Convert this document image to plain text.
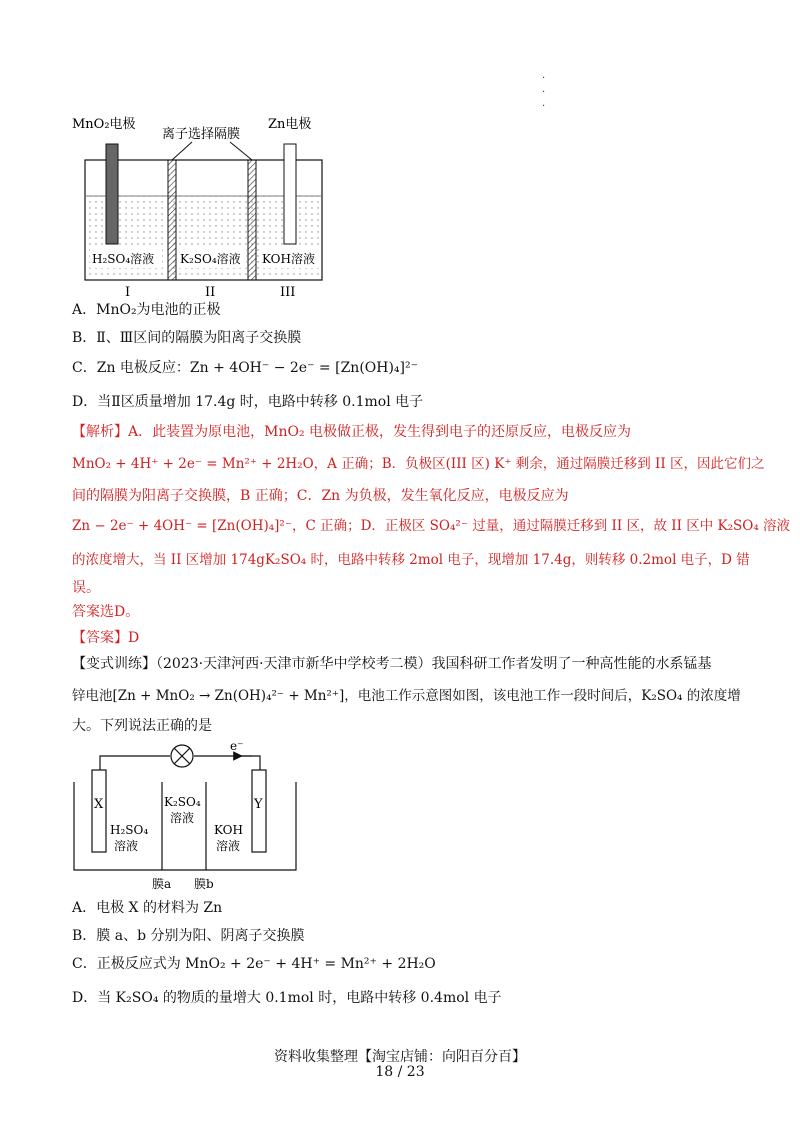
·
·
·
MnO₂电极
离子选择隔膜
Zn电极
H₂SO₄溶液 K₂SO₄溶液 KOH溶液
I	II	III
A．MnO₂为电池的正极
B．Ⅱ、Ⅲ区间的隔膜为阳离子交换膜
C．Zn 电极反应：Zn + 4OH⁻ − 2e⁻ = [Zn(OH)₄]²⁻
D．当Ⅱ区质量增加 17.4g 时，电路中转移 0.1mol 电子
【解析】A．此装置为原电池，MnO₂ 电极做正极，发生得到电子的还原反应，电极反应为
MnO₂ + 4H⁺ + 2e⁻ = Mn²⁺ + 2H₂O，A 正确；B．负极区(III 区) K⁺ 剩余，通过隔膜迁移到 II 区，因此它们之
间的隔膜为阳离子交换膜，B 正确；C．Zn 为负极，发生氧化反应，电极反应为
Zn − 2e⁻ + 4OH⁻ = [Zn(OH)₄]²⁻，C 正确；D．正极区 SO₄²⁻ 过量，通过隔膜迁移到 II 区，故 II 区中 K₂SO₄ 溶液
的浓度增大，当 II 区增加 174gK₂SO₄ 时，电路中转移 2mol 电子，现增加 17.4g，则转移 0.2mol 电子，D 错
误。
答案选D。
【答案】D
【变式训练】（2023·天津河西·天津市新华中学校考二模）我国科研工作者发明了一种高性能的水系锰基
锌电池[Zn + MnO₂ → Zn(OH)₄²⁻ + Mn²⁺]，电池工作示意图如图，该电池工作一段时间后，K₂SO₄ 的浓度增
大。下列说法正确的是
e⁻
X	Y
H₂SO₄
溶液
K₂SO₄
溶液
KOH
溶液
膜a 膜b
A．电极 X 的材料为 Zn
B．膜 a、b 分别为阳、阴离子交换膜
C．正极反应式为 MnO₂ + 2e⁻ + 4H⁺ = Mn²⁺ + 2H₂O
D．当 K₂SO₄ 的物质的量增大 0.1mol 时，电路中转移 0.4mol 电子
资料收集整理【淘宝店铺：向阳百分百】
18 / 23
